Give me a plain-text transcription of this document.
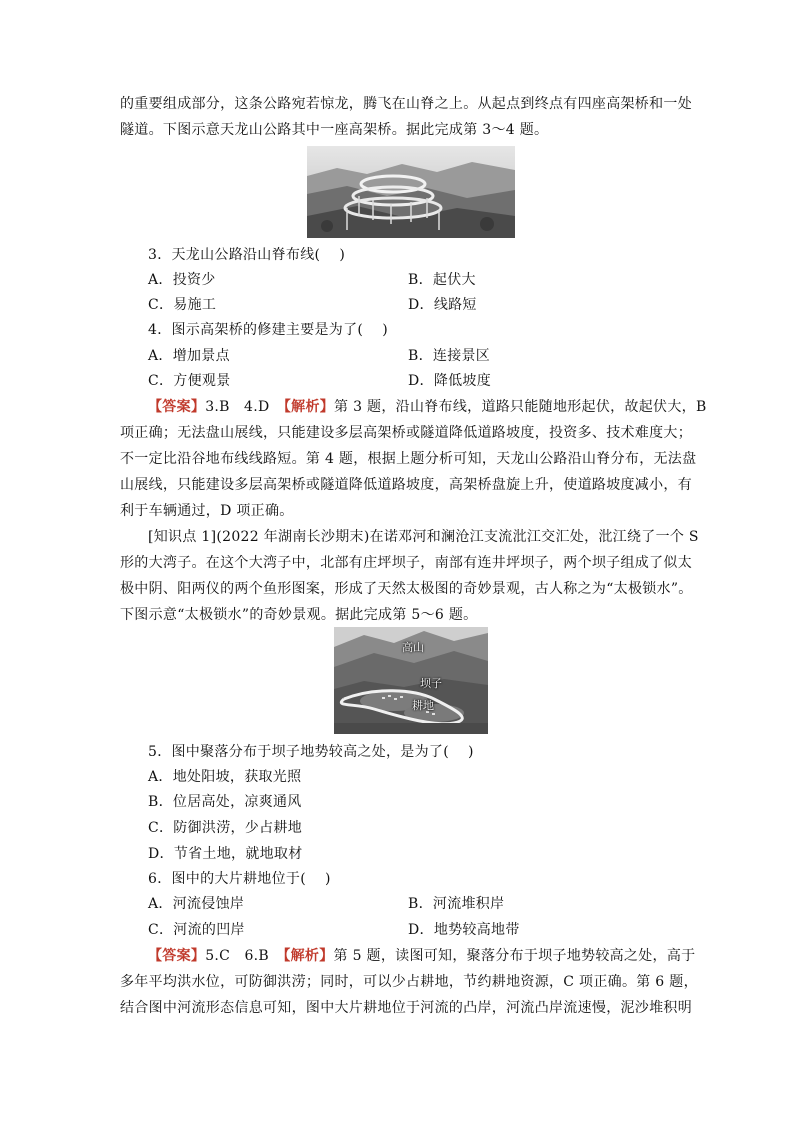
的重要组成部分，这条公路宛若惊龙，腾飞在山脊之上。从起点到终点有四座高架桥和一处
隧道。下图示意天龙山公路其中一座高架桥。据此完成第 3～4 题。
3．天龙山公路沿山脊布线(　 )
A．投资少	B．起伏大
C．易施工	D．线路短
4．图示高架桥的修建主要是为了(　 )
A．增加景点	B．连接景区
C．方便观景	D．降低坡度
【答案】3.B　4.D　【解析】第 3 题，沿山脊布线，道路只能随地形起伏，故起伏大，B
项正确；无法盘山展线，只能建设多层高架桥或隧道降低道路坡度，投资多、技术难度大；
不一定比沿谷地布线线路短。第 4 题，根据上题分析可知，天龙山公路沿山脊分布，无法盘
山展线，只能建设多层高架桥或隧道降低道路坡度，高架桥盘旋上升，使道路坡度减小，有
利于车辆通过，D 项正确。
[知识点 1](2022 年湖南长沙期末)在诺邓河和澜沧江支流沘江交汇处，沘江绕了一个 S
形的大湾子。在这个大湾子中，北部有庄坪坝子，南部有连井坪坝子，两个坝子组成了似太
极中阴、阳两仪的两个鱼形图案，形成了天然太极图的奇妙景观，古人称之为“太极锁水”。
下图示意“太极锁水”的奇妙景观。据此完成第 5～6 题。
高山
坝子
耕地
5．图中聚落分布于坝子地势较高之处，是为了(　 )
A．地处阳坡，获取光照
B．位居高处，凉爽通风
C．防御洪涝，少占耕地
D．节省土地，就地取材
6．图中的大片耕地位于(　 )
A．河流侵蚀岸	B．河流堆积岸
C．河流的凹岸	D．地势较高地带
【答案】5.C　6.B　【解析】第 5 题，读图可知，聚落分布于坝子地势较高之处，高于
多年平均洪水位，可防御洪涝；同时，可以少占耕地，节约耕地资源，C 项正确。第 6 题，
结合图中河流形态信息可知，图中大片耕地位于河流的凸岸，河流凸岸流速慢，泥沙堆积明
